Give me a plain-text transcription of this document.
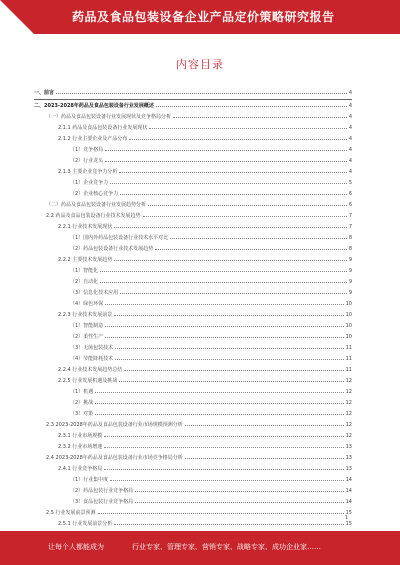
药品及食品包装设备企业产品定价策略研究报告
内容目录
一、前言	4
二、2023-2028年药品及食品包装设备行业发展概述	4
（一）药品及食品包装设备行业发展现状及竞争格局分析	4
2.1.1 药品及食品包装设备行业发展现状	4
2.1.2 行业主要企业及产品分布	4
（1）竞争格局	4
（2）行业龙头	4
2.1.3 主要企业竞争力分析	4
（1）企业竞争力	5
（2）企业核心竞争力	6
（二）药品及食品包装设备行业发展趋势分析	6
2.2 药品及食品包装设备行业技术发展趋势	7
2.2.1 行业技术发展现状	7
（1）国内外药品包装设备行业技术水平对比	8
（2）药品包装设备行业技术发展趋势	8
2.2.2 主要技术发展趋势	9
（1）智能化	9
（2）自动化	9
（3）信息化技术应用	9
（4）绿色环保	10
2.2.3 行业技术发展前景	10
（1）智能制造	10
（2）柔性生产	10
（3）无菌包装技术	11
（4）节能降耗技术	11
2.2.4 行业技术发展趋势总结	11
2.2.5 行业发展机遇及挑战	12
（1）机遇	12
（2）挑战	12
（3）对策	12
2.3 2023-2028年药品及食品包装设备行业市场规模预测分析	12
2.3.1 行业市场规模	12
2.3.2 行业市场增速	13
2.4 2023-2028年药品及食品包装设备行业市场竞争格局分析	13
2.4.1 行业竞争格局	13
（1）行业集中度	14
（2）药品包装行业竞争格局	14
（3）食品包装行业竞争格局	14
2.5 行业发展前景预测	15
2.5.1 行业发展前景分析	15
1
让每个人都能成为	行业专家、管理专家、营销专家、战略专家、成功企业家……
